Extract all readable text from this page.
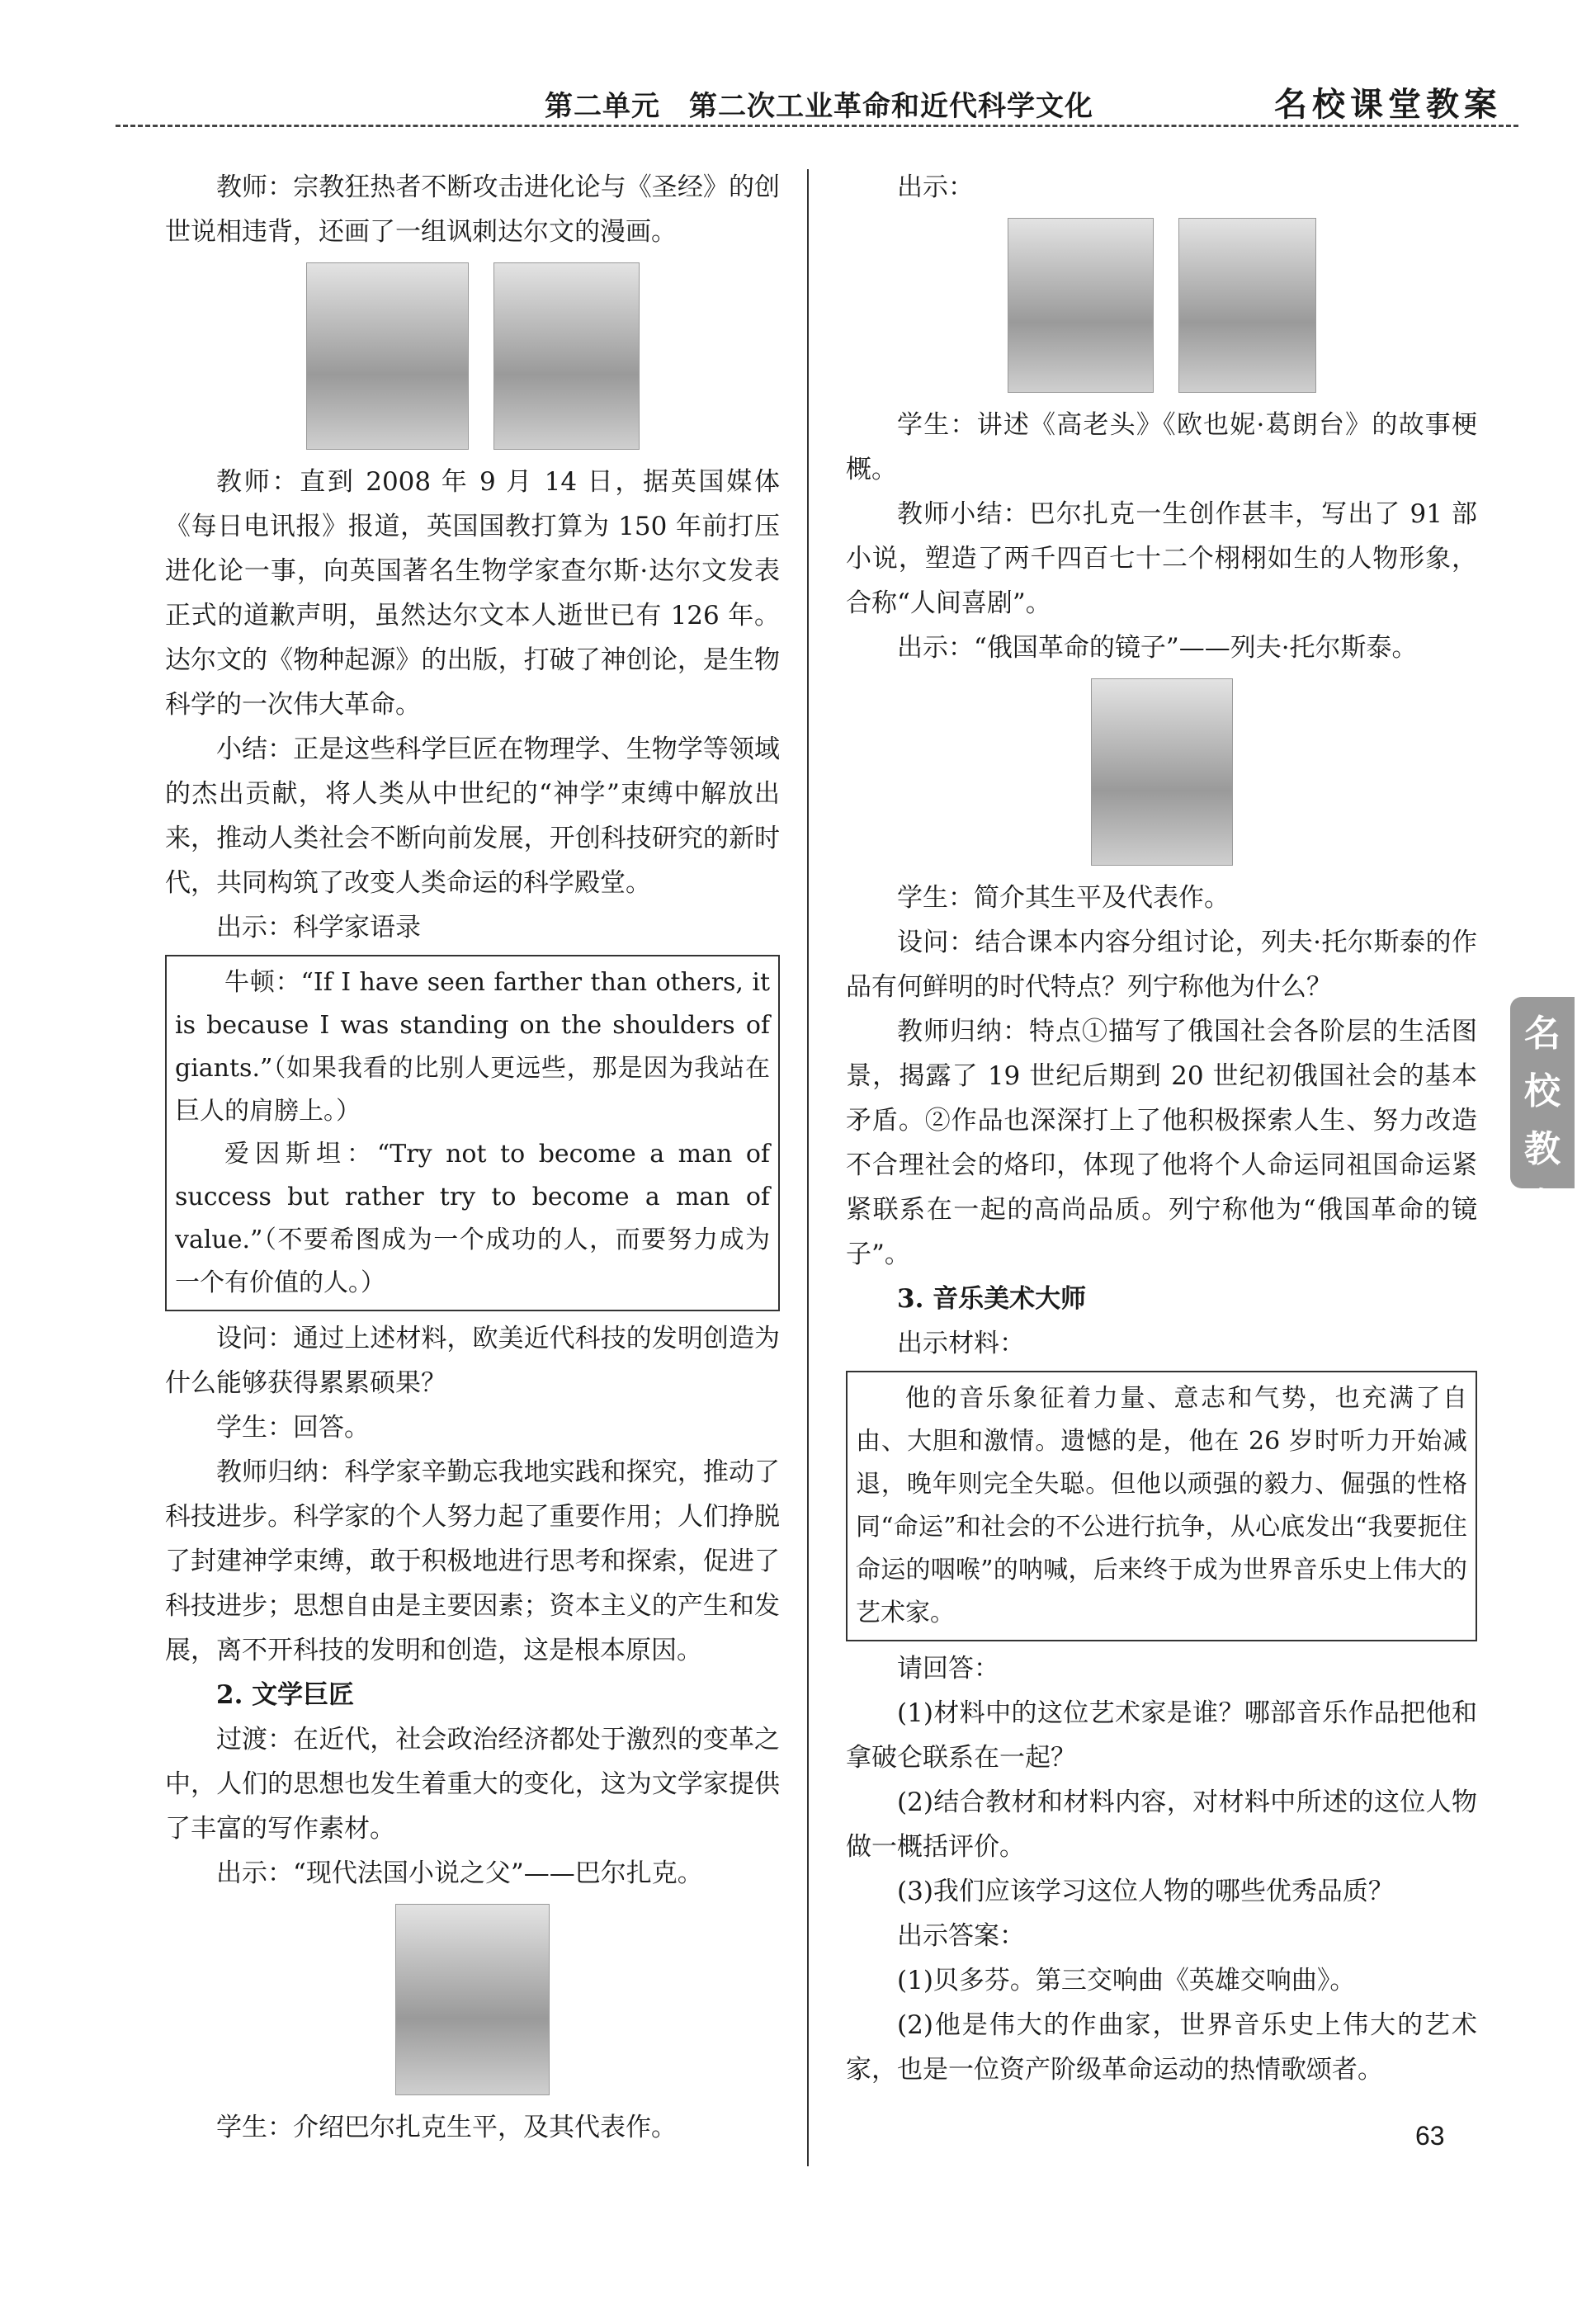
第二单元　第二次工业革命和近代科学文化	名校课堂教案

教师：宗教狂热者不断攻击进化论与《圣经》的创世说相违背，还画了一组讽刺达尔文的漫画。

教师：直到 2008 年 9 月 14 日，据英国媒体《每日电讯报》报道，英国国教打算为 150 年前打压进化论一事，向英国著名生物学家查尔斯·达尔文发表正式的道歉声明，虽然达尔文本人逝世已有 126 年。达尔文的《物种起源》的出版，打破了神创论，是生物科学的一次伟大革命。

小结：正是这些科学巨匠在物理学、生物学等领域的杰出贡献，将人类从中世纪的“神学”束缚中解放出来，推动人类社会不断向前发展，开创科技研究的新时代，共同构筑了改变人类命运的科学殿堂。

出示：科学家语录

牛顿：“If I have seen farther than others, it is because I was standing on the shoulders of giants.”（如果我看的比别人更远些，那是因为我站在巨人的肩膀上。）

爱因斯坦：“Try not to become a man of success but rather try to become a man of value.”（不要希图成为一个成功的人，而要努力成为一个有价值的人。）

设问：通过上述材料，欧美近代科技的发明创造为什么能够获得累累硕果？

学生：回答。

教师归纳：科学家辛勤忘我地实践和探究，推动了科技进步。科学家的个人努力起了重要作用；人们挣脱了封建神学束缚，敢于积极地进行思考和探索，促进了科技进步；思想自由是主要因素；资本主义的产生和发展，离不开科技的发明和创造，这是根本原因。

2. 文学巨匠

过渡：在近代，社会政治经济都处于激烈的变革之中，人们的思想也发生着重大的变化，这为文学家提供了丰富的写作素材。

出示：“现代法国小说之父”——巴尔扎克。

学生：介绍巴尔扎克生平，及其代表作。

出示：

学生：讲述《高老头》《欧也妮·葛朗台》的故事梗概。

教师小结：巴尔扎克一生创作甚丰，写出了 91 部小说，塑造了两千四百七十二个栩栩如生的人物形象，合称“人间喜剧”。

出示：“俄国革命的镜子”——列夫·托尔斯泰。

学生：简介其生平及代表作。

设问：结合课本内容分组讨论，列夫·托尔斯泰的作品有何鲜明的时代特点？列宁称他为什么？

教师归纳：特点①描写了俄国社会各阶层的生活图景，揭露了 19 世纪后期到 20 世纪初俄国社会的基本矛盾。②作品也深深打上了他积极探索人生、努力改造不合理社会的烙印，体现了他将个人命运同祖国命运紧紧联系在一起的高尚品质。列宁称他为“俄国革命的镜子”。

3. 音乐美术大师

出示材料：

他的音乐象征着力量、意志和气势，也充满了自由、大胆和激情。遗憾的是，他在 26 岁时听力开始减退，晚年则完全失聪。但他以顽强的毅力、倔强的性格同“命运”和社会的不公进行抗争，从心底发出“我要扼住命运的咽喉”的呐喊，后来终于成为世界音乐史上伟大的艺术家。

请回答：

(1)材料中的这位艺术家是谁？哪部音乐作品把他和拿破仑联系在一起？

(2)结合教材和材料内容，对材料中所述的这位人物做一概括评价。

(3)我们应该学习这位人物的哪些优秀品质？

出示答案：

(1)贝多芬。第三交响曲《英雄交响曲》。

(2)他是伟大的作曲家，世界音乐史上伟大的艺术家，也是一位资产阶级革命运动的热情歌颂者。

名
校
教
案
63
